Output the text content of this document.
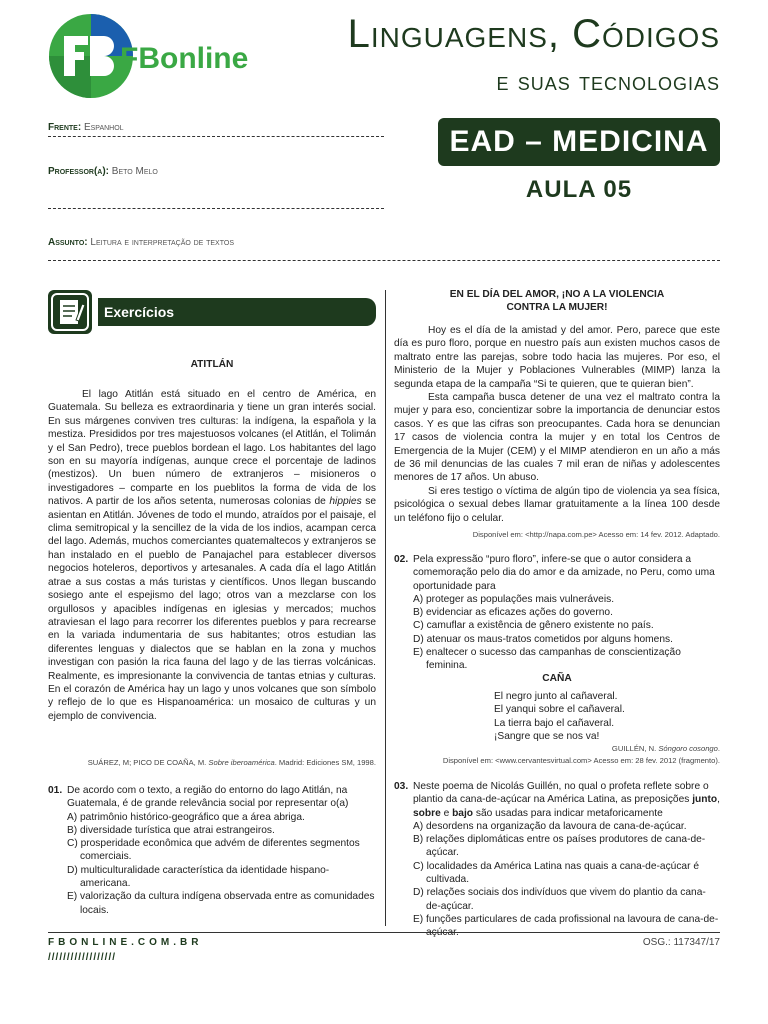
FBonline
Linguagens, Códigos
e suas tecnologias
Frente: Espanhol
Professor(a): Beto Melo
Assunto: Leitura e interpretação de textos
EAD – MEDICINA
AULA 05
Exercícios
ATITLÁN
El lago Atitlán está situado en el centro de América, en Guatemala. Su belleza es extraordinaria y tiene un gran interés social. En sus márgenes conviven tres culturas: la indígena, la española y la mestiza. Presididos por tres majestuosos volcanes (el Atitlán, el Tolimán y el San Pedro), trece pueblos bordean el lago. Los habitantes del lago son en su mayoría indígenas, aunque crece el porcentaje de ladinos (mestizos). Un buen número de extranjeros – misioneros o investigadores – comparte en los pueblitos la forma de vida de los nativos. A partir de los años setenta, numerosas colonias de hippies se asientan en Atitlán. Jóvenes de todo el mundo, atraídos por el paisaje, el clima semitropical y la sencillez de la vida de los indios, acampan cerca del lago. Además, muchos comerciantes quatemaltecos y extranjeros se han instalado en el pueblo de Panajachel para establecer diversos negocios hoteleros, deportivos y artesanales. A cada día el lago Atitlán atrae a sus costas a más turistas y científicos. Unos llegan buscando sosiego ante el espejismo del lago; otros van a mezclarse con los orgullosos y apacibles indígenas en iglesias y mercados; muchos atraviesan el lago para recorrer los diferentes pueblos y para recrearse en la variada indumentaria de sus habitantes; otros estudian las diferentes lenguas y dialectos que se hablan en la zona y muchos investigan con pasión la rica fauna del lago y de las tierras volcánicas. Realmente, es impresionante la convivencia de tantas etnias y culturas. En el corazón de América hay un lago y unos volcanes que son símbolo y reflejo de lo que es Hispanoamérica: un mosaico de culturas y un ejemplo de convivencia.
SUÁREZ, M; PICO DE COAÑA, M. Sobre iberoamérica. Madrid: Ediciones SM, 1998.
01. De acordo com o texto, a região do entorno do lago Atitlán, na Guatemala, é de grande relevância social por representar o(a)
A) patrimônio histórico-geográfico que a área abriga.
B) diversidade turística que atrai estrangeiros.
C) prosperidade econômica que advém de diferentes segmentos comerciais.
D) multiculturalidade característica da identidade hispano-americana.
E) valorização da cultura indígena observada entre as comunidades locais.
EN EL DÍA DEL AMOR, ¡NO A LA VIOLENCIA
CONTRA LA MUJER!
Hoy es el día de la amistad y del amor. Pero, parece que este día es puro floro, porque en nuestro país aun existen muchos casos de maltrato entre las parejas, sobre todo hacia las mujeres. Por eso, el Ministerio de la Mujer y Poblaciones Vulnerables (MIMP) lanza la segunda etapa de la campaña “Si te quieren, que te quieran bien”.
Esta campaña busca detener de una vez el maltrato contra la mujer y para eso, concientizar sobre la importancia de denunciar estos casos. Y es que las cifras son preocupantes. Cada hora se denuncian 17 casos de violencia contra la mujer y en total los Centros de Emergencia de la Mujer (CEM) y el MIMP atendieron en un año a más de 36 mil denuncias de las cuales 7 mil eran de niñas y adolescentes menores de 17 años. Un abuso.
Si eres testigo o víctima de algún tipo de violencia ya sea física, psicológica o sexual debes llamar gratuitamente a la línea 100 desde un teléfono fijo o celular.
Disponível em: <http://napa.com.pe> Acesso em: 14 fev. 2012. Adaptado.
02. Pela expressão “puro floro”, infere-se que o autor considera a comemoração pelo dia do amor e da amizade, no Peru, como uma oportunidade para
A) proteger as populações mais vulneráveis.
B) evidenciar as eficazes ações do governo.
C) camuflar a existência de gênero existente no país.
D) atenuar os maus-tratos cometidos por alguns homens.
E) enaltecer o sucesso das campanhas de conscientização feminina.
CAÑA
El negro junto al cañaveral.
El yanqui sobre el cañaveral.
La tierra bajo el cañaveral.
¡Sangre que se nos va!
GUILLÉN, N. Sóngoro cosongo.
Disponível em: <www.cervantesvirtual.com> Acesso em: 28 fev. 2012 (fragmento).
03. Neste poema de Nicolás Guillén, no qual o profeta reflete sobre o plantio da cana-de-açúcar na América Latina, as preposições junto, sobre e bajo são usadas para indicar metaforicamente
A) desordens na organização da lavoura de cana-de-açúcar.
B) relações diplomáticas entre os países produtores de cana-de-açúcar.
C) localidades da América Latina nas quais a cana-de-açúcar é cultivada.
D) relações sociais dos indivíduos que vivem do plantio da cana-de-açúcar.
E) funções particulares de cada profissional na lavoura de cana-de-açúcar.
FBONLINE.COM.BR
//////////////////
OSG.: 117347/17
